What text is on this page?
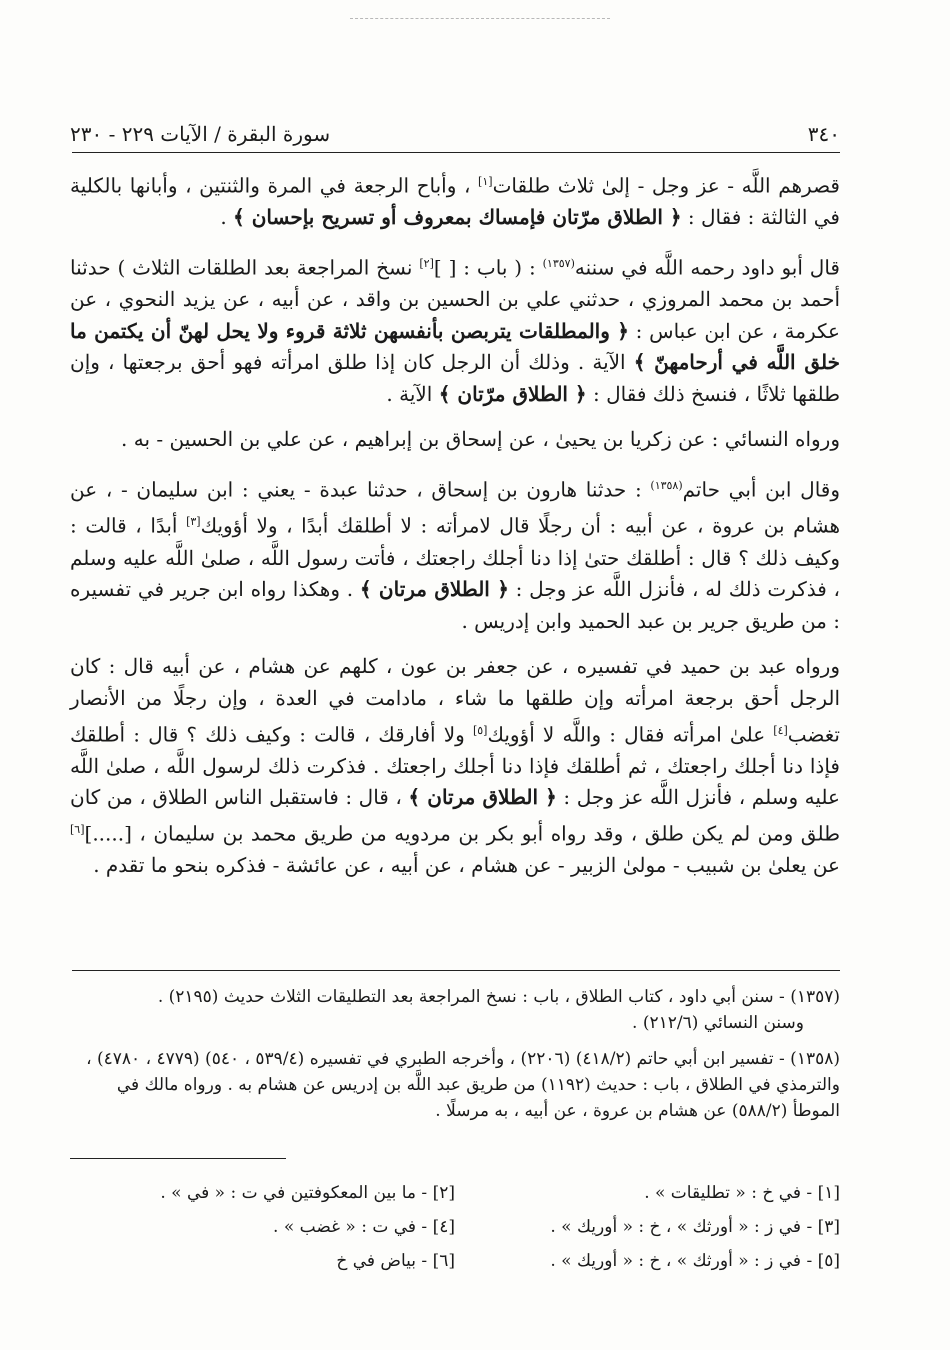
٣٤٠
سورة البقرة / الآيات ٢٢٩ - ٢٣٠

قصرهم اللَّه - عز وجل - إلىٰ ثلاث طلقات[١] ، وأباح الرجعة في المرة والثنتين ، وأبانها بالكلية في الثالثة : فقال : ﴿ الطلاق مرّتان فإمساك بمعروف أو تسريح بإحسان ﴾ .

قال أبو داود رحمه اللَّه في سننه$^{(١٣٥٧)}$ : ( باب : [ ][٢] نسخ المراجعة بعد الطلقات الثلاث ) حدثنا أحمد بن محمد المروزي ، حدثني علي بن الحسين بن واقد ، عن أبيه ، عن يزيد النحوي ، عن عكرمة ، عن ابن عباس : ﴿ والمطلقات يتربصن بأنفسهن ثلاثة قروء ولا يحل لهنّ أن يكتمن ما خلق اللَّه في أرحامهنّ ﴾ الآية . وذلك أن الرجل كان إذا طلق امرأته فهو أحق برجعتها ، وإن طلقها ثلاثًا ، فنسخ ذلك فقال : ﴿ الطلاق مرّتان ﴾ الآية .

ورواه النسائي : عن زكريا بن يحيىٰ ، عن إسحاق بن إبراهيم ، عن علي بن الحسين - به .

وقال ابن أبي حاتم$^{(١٣٥٨)}$ : حدثنا هارون بن إسحاق ، حدثنا عبدة - يعني : ابن سليمان - ، عن هشام بن عروة ، عن أبيه : أن رجلًا قال لامرأته : لا أطلقك أبدًا ، ولا أؤويك[٣] أبدًا ، قالت : وكيف ذلك ؟ قال : أطلقك حتىٰ إذا دنا أجلك راجعتك ، فأتت رسول اللَّه ، صلىٰ اللَّه عليه وسلم ، فذكرت ذلك له ، فأنزل اللَّه عز وجل : ﴿ الطلاق مرتان ﴾ . وهكذا رواه ابن جرير في تفسيره : من طريق جرير بن عبد الحميد وابن إدريس .

ورواه عبد بن حميد في تفسيره ، عن جعفر بن عون ، كلهم عن هشام ، عن أبيه قال : كان الرجل أحق برجعة امرأته وإن طلقها ما شاء ، مادامت في العدة ، وإن رجلًا من الأنصار تغضب[٤] علىٰ امرأته فقال : واللَّه لا أؤويك[٥] ولا أفارقك ، قالت : وكيف ذلك ؟ قال : أطلقك فإذا دنا أجلك راجعتك ، ثم أطلقك فإذا دنا أجلك راجعتك . فذكرت ذلك لرسول اللَّه ، صلىٰ اللَّه عليه وسلم ، فأنزل اللَّه عز وجل : ﴿ الطلاق مرتان ﴾ ، قال : فاستقبل الناس الطلاق ، من كان طلق ومن لم يكن طلق ، وقد رواه أبو بكر بن مردويه من طريق محمد بن سليمان ، [.....][٦] عن يعلىٰ بن شبيب - مولىٰ الزبير - عن هشام ، عن أبيه ، عن عائشة - فذكره بنحو ما تقدم .

(١٣٥٧) - سنن أبي داود ، كتاب الطلاق ، باب : نسخ المراجعة بعد التطليقات الثلاث حديث (٢١٩٥) .
وسنن النسائي (٢١٢/٦) .

(١٣٥٨) - تفسير ابن أبي حاتم (٤١٨/٢) (٢٢٠٦) ، وأخرجه الطبري في تفسيره (٥٣٩/٤ ، ٥٤٠) (٤٧٧٩ ، ٤٧٨٠) ، والترمذي في الطلاق ، باب : حديث (١١٩٢) من طريق عبد اللَّه بن إدريس عن هشام به . ورواه مالك في الموطأ (٥٨٨/٢) عن هشام بن عروة ، عن أبيه ، به مرسلًا .

[١] - في خ : « تطليقات » .
[٢] - ما بين المعكوفتين في ت : « في » .
[٣] - في ز : « أورثك » ، خ : « أوريك » .
[٤] - في ت : « غضب » .
[٥] - في ز : « أورثك » ، خ : « أوريك » .
[٦] - بياض في خ
